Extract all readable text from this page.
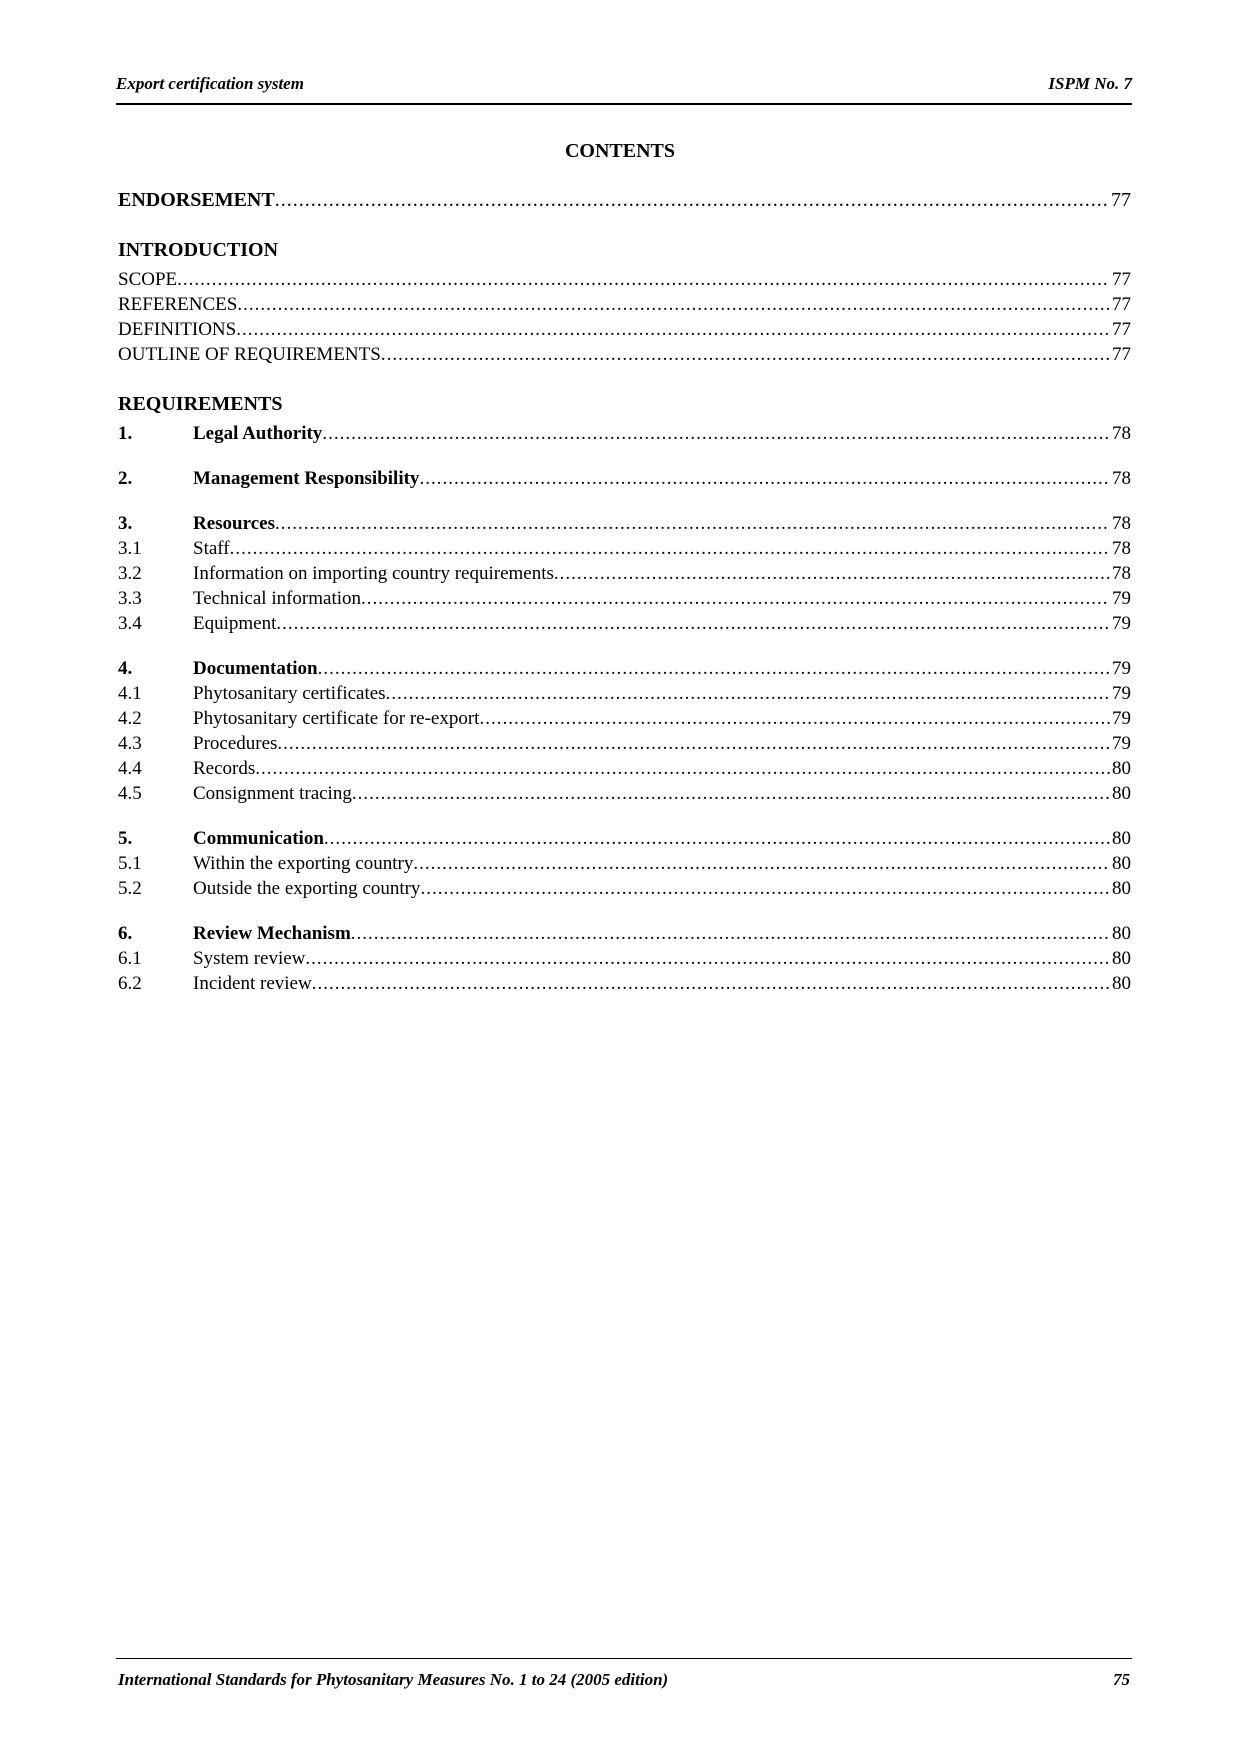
Export certification system	ISPM No. 7
CONTENTS
ENDORSEMENT .....	77
INTRODUCTION
SCOPE .....	77
REFERENCES .....	77
DEFINITIONS .....	77
OUTLINE OF REQUIREMENTS .....	77
REQUIREMENTS
1.	Legal Authority .....	78
2.	Management Responsibility .....	78
3.	Resources .....	78
3.1	Staff .....	78
3.2	Information on importing country requirements .....	78
3.3	Technical information .....	79
3.4	Equipment .....	79
4.	Documentation .....	79
4.1	Phytosanitary certificates .....	79
4.2	Phytosanitary certificate for re-export .....	79
4.3	Procedures .....	79
4.4	Records .....	80
4.5	Consignment tracing .....	80
5.	Communication .....	80
5.1	Within the exporting country .....	80
5.2	Outside the exporting country .....	80
6.	Review Mechanism .....	80
6.1	System review .....	80
6.2	Incident review .....	80
International Standards for Phytosanitary Measures No. 1 to 24 (2005 edition)	75
